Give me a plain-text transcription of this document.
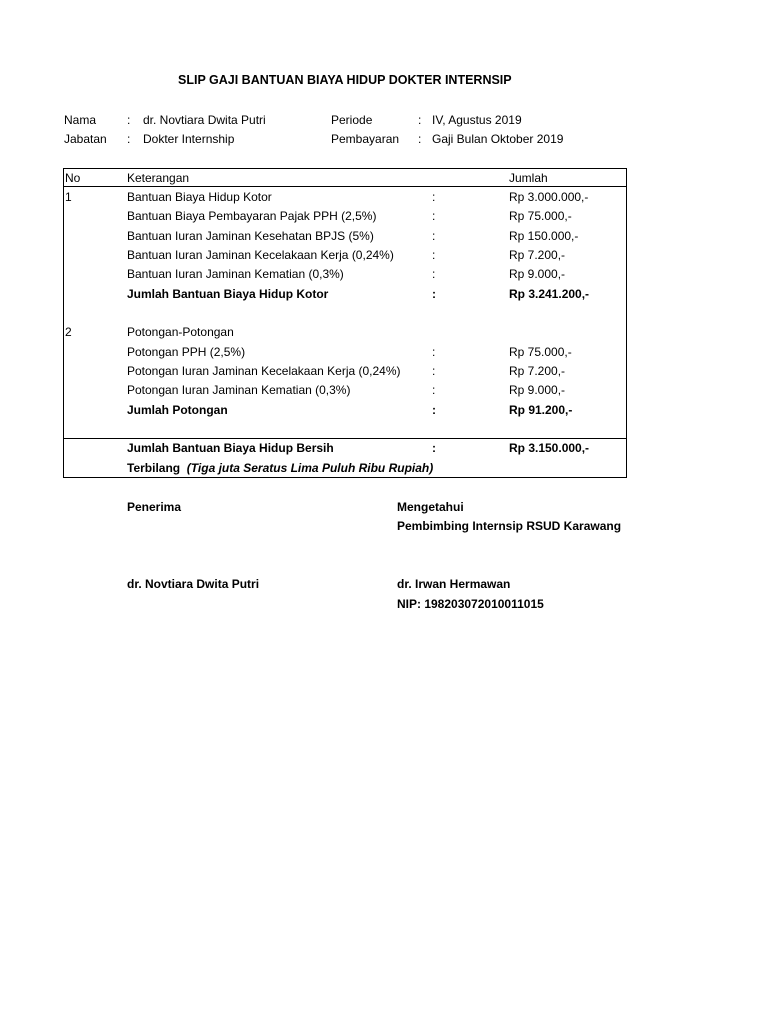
SLIP GAJI BANTUAN BIAYA HIDUP DOKTER INTERNSIP
Nama	: dr. Novtiara Dwita Putri	Periode	: IV, Agustus 2019
Jabatan : Dokter Internship	Pembayaran : Gaji Bulan Oktober 2019
No	Keterangan	Jumlah
1	Bantuan Biaya Hidup Kotor	:	Rp 3.000.000,-
Bantuan Biaya Pembayaran Pajak PPH (2,5%)	:	Rp 75.000,-
Bantuan Iuran Jaminan Kesehatan BPJS (5%)	:	Rp 150.000,-
Bantuan Iuran Jaminan Kecelakaan Kerja (0,24%)	:	Rp 7.200,-
Bantuan Iuran Jaminan Kematian (0,3%)	:	Rp 9.000,-
Jumlah Bantuan Biaya Hidup Kotor	:	Rp 3.241.200,-
2	Potongan-Potongan
Potongan PPH (2,5%)	:	Rp 75.000,-
Potongan Iuran Jaminan Kecelakaan Kerja (0,24%)	:	Rp 7.200,-
Potongan Iuran Jaminan Kematian (0,3%)	:	Rp 9.000,-
Jumlah Potongan	:	Rp 91.200,-
Jumlah Bantuan Biaya Hidup Bersih	:	Rp 3.150.000,-
Terbilang (Tiga juta Seratus Lima Puluh Ribu Rupiah)
Penerima	Mengetahui
Pembimbing Internsip RSUD Karawang
dr. Novtiara Dwita Putri	dr. Irwan Hermawan
NIP: 198203072010011015
